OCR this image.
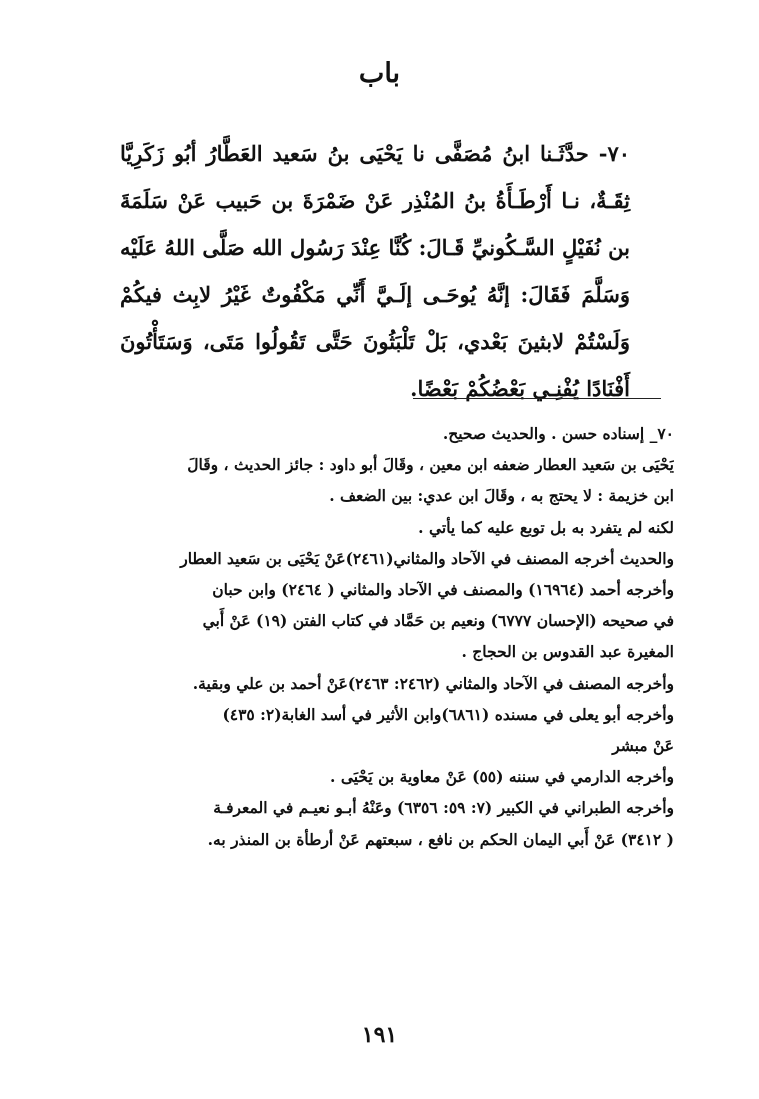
باب
٧٠- حدَّثَـنا ابنُ مُصَفَّى نا يَحْيَى بنُ سَعيد العَطَّارُ أبُو زَكَرِيَّا ثِقَـةٌ، نـا أَرْطَـأَةُ بنُ المُنْذِر عَنْ ضَمْرَةَ بن حَبيب عَنْ سَلَمَةَ بن نُفَيْلٍ السَّـكُونيِّ قَـالَ: كُنَّا عِنْدَ رَسُول الله صَلَّى اللهُ عَلَيْه وَسَلَّمَ فَقَالَ: إنَّهُ يُوحَـى إلَـيَّ أَنِّي مَكْفُوتٌ غَيْرُ لابِث فيكُمْ وَلَسْتُمْ لابثينَ بَعْدي، بَلْ تَلْبَثُونَ حَتَّى تَقُولُوا مَتَى، وَسَتَأْتُونَ أَفْنَادًا يُفْنِـي بَعْضُكُمْ بَعْضًا.

٧٠_ إسناده حسن . والحديث صحيح.

يَحْيَى بن سَعيد العطار ضعفه ابن معين ، وقَالَ أبو داود : جائز الحديث ، وقَالَ

ابن خزيمة : لا يحتج به ، وقَالَ ابن عدي: بين الضعف .

لكنه لم يتفرد به بل توبع عليه كما يأتي .

والحديث أخرجه المصنف في الآحاد والمثاني(٢٤٦١)عَنْ يَحْيَى بن سَعيد العطار

وأخرجه أحمد (١٦٩٦٤) والمصنف في الآحاد والمثاني ( ٢٤٦٤) وابن حبان

في صحيحه (الإحسان ٦٧٧٧) ونعيم بن حَمَّاد في كتاب الفتن (١٩) عَنْ أَبي

المغيرة عبد القدوس بن الحجاج .

وأخرجه المصنف في الآحاد والمثاني (٢٤٦٢: ٢٤٦٣)عَنْ أحمد بن علي وبقية.

وأخرجه أبو يعلى في مسنده (٦٨٦١)وابن الأثير في أسد الغابة(٢: ٤٣٥)

عَنْ مبشر

وأخرجه الدارمي في سننه (٥٥) عَنْ معاوية بن يَحْيَى .

وأخرجه الطبراني في الكبير (٧: ٥٩: ٦٣٥٦) وعَنْهُ أبـو نعيـم في المعرفـة

( ٣٤١٢) عَنْ أَبي اليمان الحكم بن نافع ، سبعتهم عَنْ أرطأة بن المنذر به.

١٩١
